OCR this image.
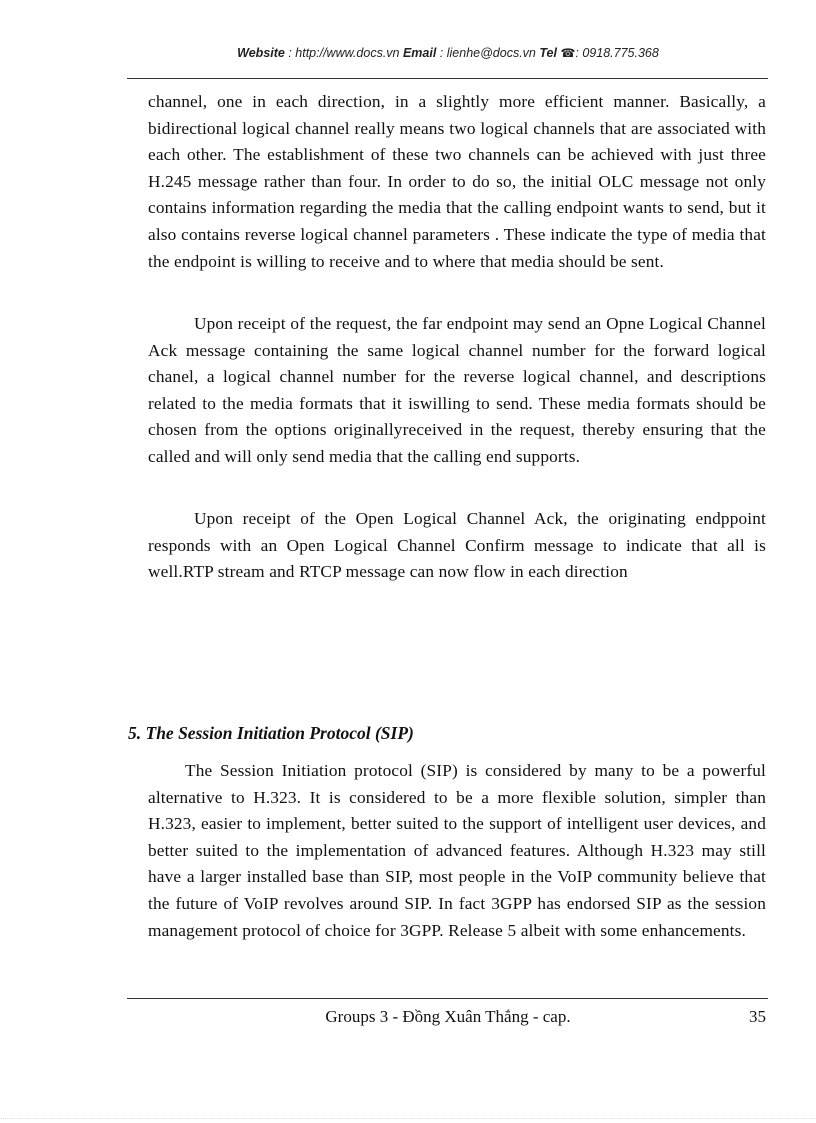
Website : http://www.docs.vn Email : lienhe@docs.vn Tel ☎: 0918.775.368

channel, one in each direction, in a slightly more efficient manner. Basically, a bidirectional logical channel really means two logical channels that are associated with each other. The establishment of these two channels can be achieved with just three H.245 message rather than four. In order to do so, the initial OLC message not only contains information regarding the media that the calling endpoint wants to send, but it also contains reverse logical channel parameters . These indicate the type of media that the endpoint is willing to receive and to where that media should be sent.

Upon receipt of the request, the far endpoint may send an Opne Logical Channel Ack message containing the same logical channel number for the forward logical chanel, a logical channel number for the reverse logical channel, and descriptions related to the media formats that it iswilling to send. These media formats should be chosen from the options originallyreceived in the request, thereby ensuring that the called and will only send media that the calling end supports.

Upon receipt of the Open Logical Channel Ack, the originating endppoint responds with an Open Logical Channel Confirm message to indicate that all is well.RTP stream and RTCP message can now flow in each direction

5. The Session Initiation Protocol (SIP)

The Session Initiation protocol (SIP) is considered by many to be a powerful alternative to H.323. It is considered to be a more flexible solution, simpler than H.323, easier to implement, better suited to the support of intelligent user devices, and better suited to the implementation of advanced features. Although H.323 may still have a larger installed base than SIP, most people in the VoIP community believe that the future of VoIP revolves around SIP. In fact 3GPP has endorsed SIP as the session management protocol of choice for 3GPP. Release 5 albeit with some enhancements.

Groups 3 - Đồng Xuân Thắng - cap.	35
